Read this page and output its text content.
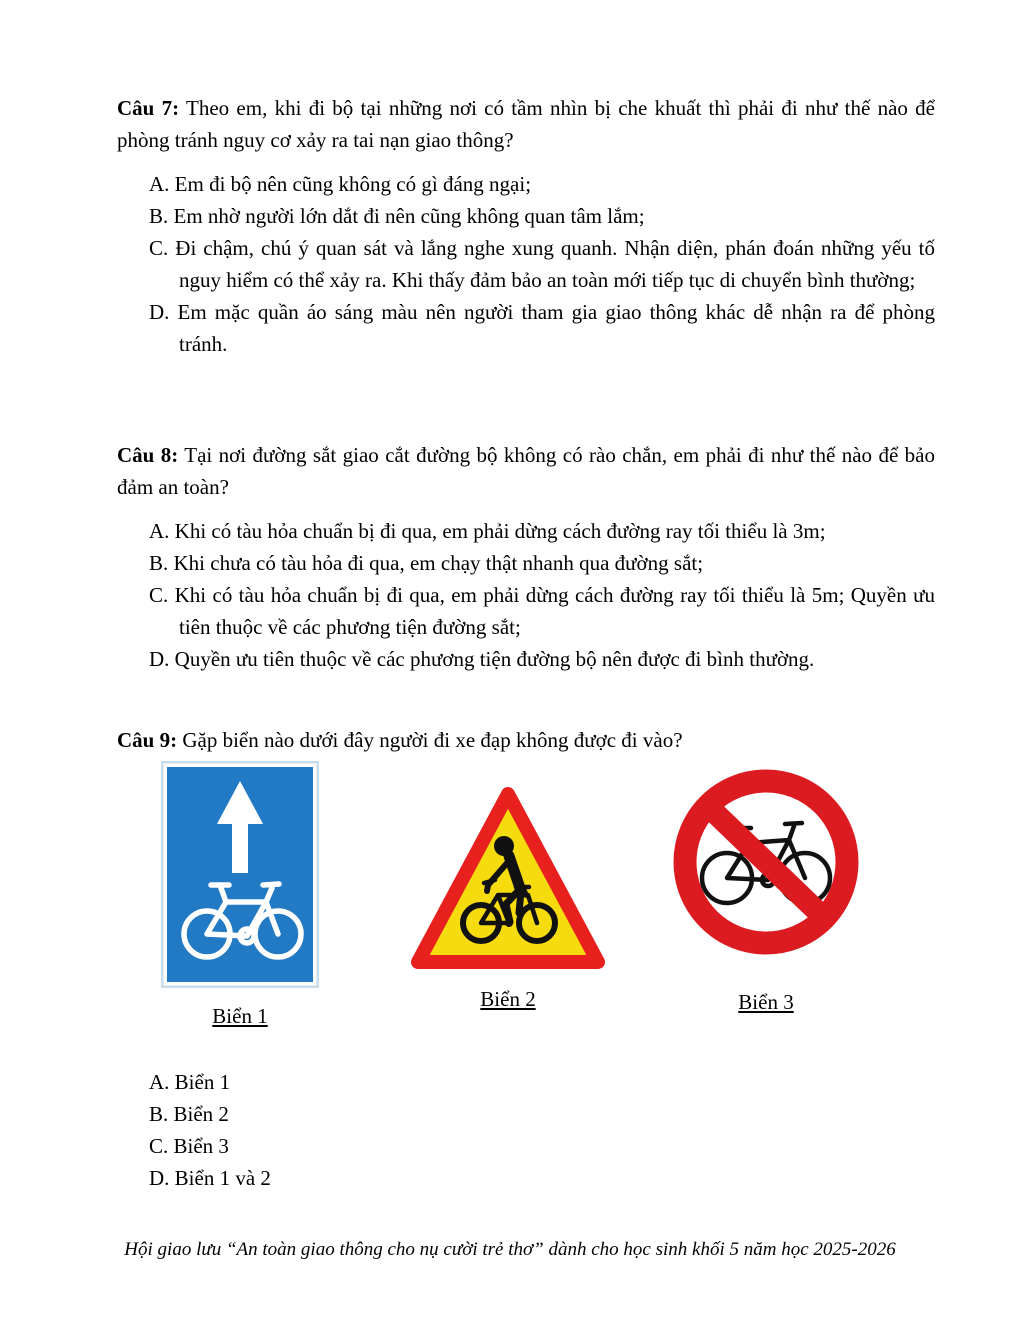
Câu 7: Theo em, khi đi bộ tại những nơi có tầm nhìn bị che khuất thì phải đi như thế nào để phòng tránh nguy cơ xảy ra tai nạn giao thông?

A. Em đi bộ nên cũng không có gì đáng ngại;

B. Em nhờ người lớn dắt đi nên cũng không quan tâm lắm;

C. Đi chậm, chú ý quan sát và lắng nghe xung quanh. Nhận diện, phán đoán những yếu tố nguy hiểm có thể xảy ra. Khi thấy đảm bảo an toàn mới tiếp tục di chuyển bình thường;

D. Em mặc quần áo sáng màu nên người tham gia giao thông khác dễ nhận ra để phòng tránh.

Câu 8: Tại nơi đường sắt giao cắt đường bộ không có rào chắn, em phải đi như thế nào để bảo đảm an toàn?

A. Khi có tàu hỏa chuẩn bị đi qua, em phải dừng cách đường ray tối thiểu là 3m;

B. Khi chưa có tàu hỏa đi qua, em chạy thật nhanh qua đường sắt;

C. Khi có tàu hỏa chuẩn bị đi qua, em phải dừng cách đường ray tối thiểu là 5m; Quyền ưu tiên thuộc về các phương tiện đường sắt;

D. Quyền ưu tiên thuộc về các phương tiện đường bộ nên được đi bình thường.

Câu 9: Gặp biển nào dưới đây người đi xe đạp không được đi vào?

Biển 1
Biển 2	Biển 3

A. Biển 1

B. Biển 2

C. Biển 3

D. Biển 1 và 2

Hội giao lưu “An toàn giao thông cho nụ cười trẻ thơ” dành cho học sinh khối 5 năm học 2025-2026
